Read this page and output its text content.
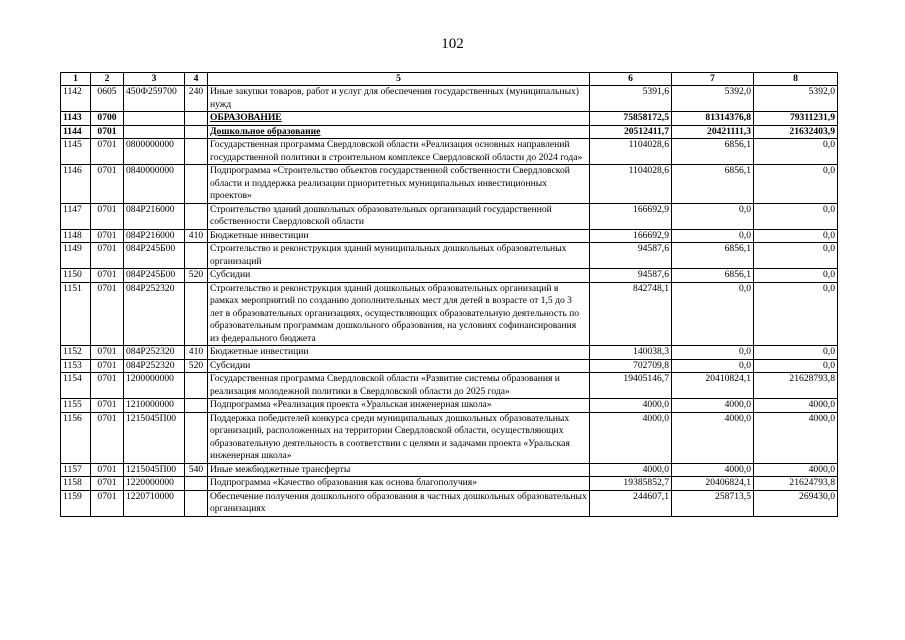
102
1	2	3	4	5	6	7	8
1142	0605	450Ф259700	240	Иные закупки товаров, работ и услуг для обеспечения государственных (муниципальных) нужд	5391,6	5392,0	5392,0
1143	0700			ОБРАЗОВАНИЕ	75858172,5	81314376,8	79311231,9
1144	0701			Дошкольное образование	20512411,7	20421111,3	21632403,9
1145	0701	0800000000		Государственная программа Свердловской области «Реализация основных направлений государственной политики в строительном комплексе Свердловской области до 2024 года»	1104028,6	6856,1	0,0
1146	0701	0840000000		Подпрограмма «Строительство объектов государственной собственности Свердловской области и поддержка реализации приоритетных муниципальных инвестиционных проектов»	1104028,6	6856,1	0,0
1147	0701	084P216000		Строительство зданий дошкольных образовательных организаций государственной собственности Свердловской области	166692,9	0,0	0,0
1148	0701	084P216000	410	Бюджетные инвестиции	166692,9	0,0	0,0
1149	0701	084P245Б00		Строительство и реконструкция зданий муниципальных дошкольных образовательных организаций	94587,6	6856,1	0,0
1150	0701	084P245Б00	520	Субсидии	94587,6	6856,1	0,0
1151	0701	084P252320		Строительство и реконструкция зданий дошкольных образовательных организаций в рамках мероприятий по созданию дополнительных мест для детей в возрасте от 1,5 до 3 лет в образовательных организациях, осуществляющих образовательную деятельность по образовательным программам дошкольного образования, на условиях софинансирования из федерального бюджета	842748,1	0,0	0,0
1152	0701	084P252320	410	Бюджетные инвестиции	140038,3	0,0	0,0
1153	0701	084P252320	520	Субсидии	702709,8	0,0	0,0
1154	0701	1200000000		Государственная программа Свердловской области «Развитие системы образования и реализация молодежной политики в Свердловской области до 2025 года»	19405146,7	20410824,1	21628793,8
1155	0701	1210000000		Подпрограмма «Реализация проекта «Уральская инженерная школа»	4000,0	4000,0	4000,0
1156	0701	1215045П00		Поддержка победителей конкурса среди муниципальных дошкольных образовательных организаций, расположенных на территории Свердловской области, осуществляющих образовательную деятельность в соответствии с целями и задачами проекта «Уральская инженерная школа»	4000,0	4000,0	4000,0
1157	0701	1215045П00	540	Иные межбюджетные трансферты	4000,0	4000,0	4000,0
1158	0701	1220000000		Подпрограмма «Качество образования как основа благополучия»	19385852,7	20406824,1	21624793,8
1159	0701	1220710000		Обеспечение получения дошкольного образования в частных дошкольных образовательных организациях	244607,1	258713,5	269430,0
